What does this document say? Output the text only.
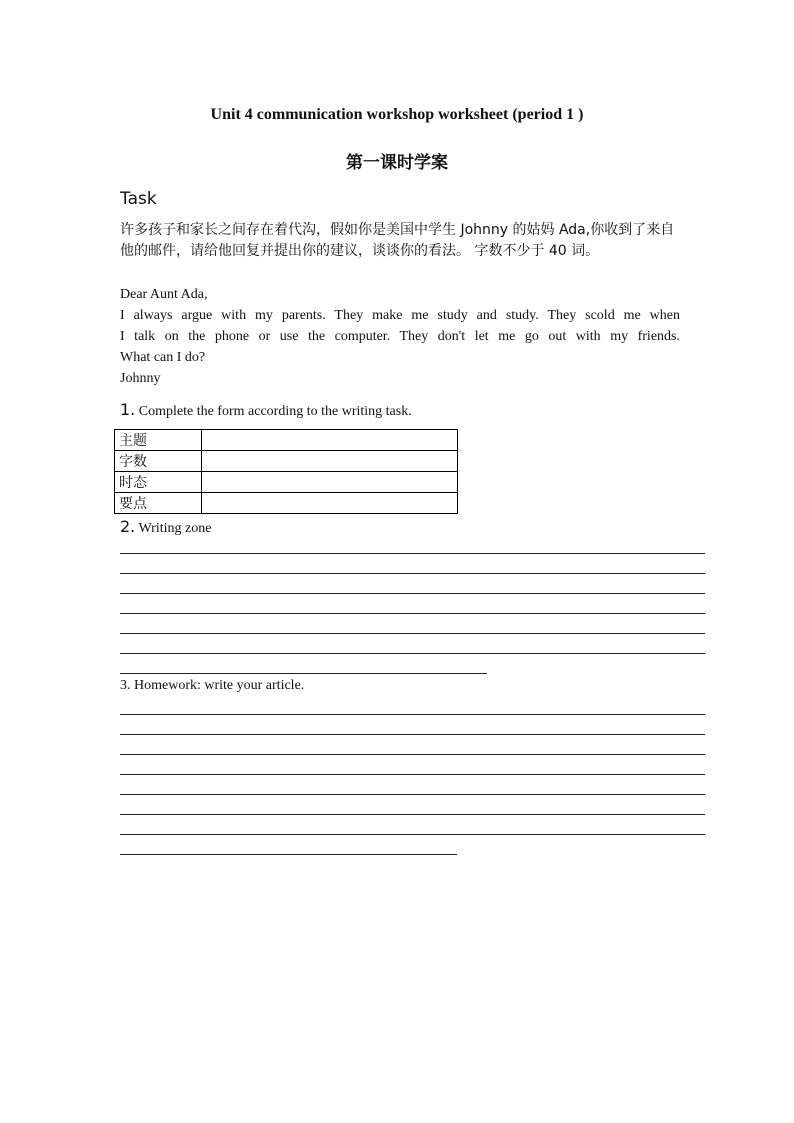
Unit 4 communication workshop worksheet (period 1 )
第一课时学案
Task
许多孩子和家长之间存在着代沟，假如你是美国中学生 Johnny 的姑妈 Ada,你收到了来自他的邮件，请给他回复并提出你的建议，谈谈你的看法。 字数不少于 40 词。

Dear Aunt Ada,

I always argue with my parents. They make me study and study. They scold me when

I talk on the phone or use the computer. They don't let me go out with my friends.

What can I do?

Johnny

1. Complete the form according to the writing task.
主题	
字数	
时态	
要点	
2. Writing zone
3. Homework: write your article.
